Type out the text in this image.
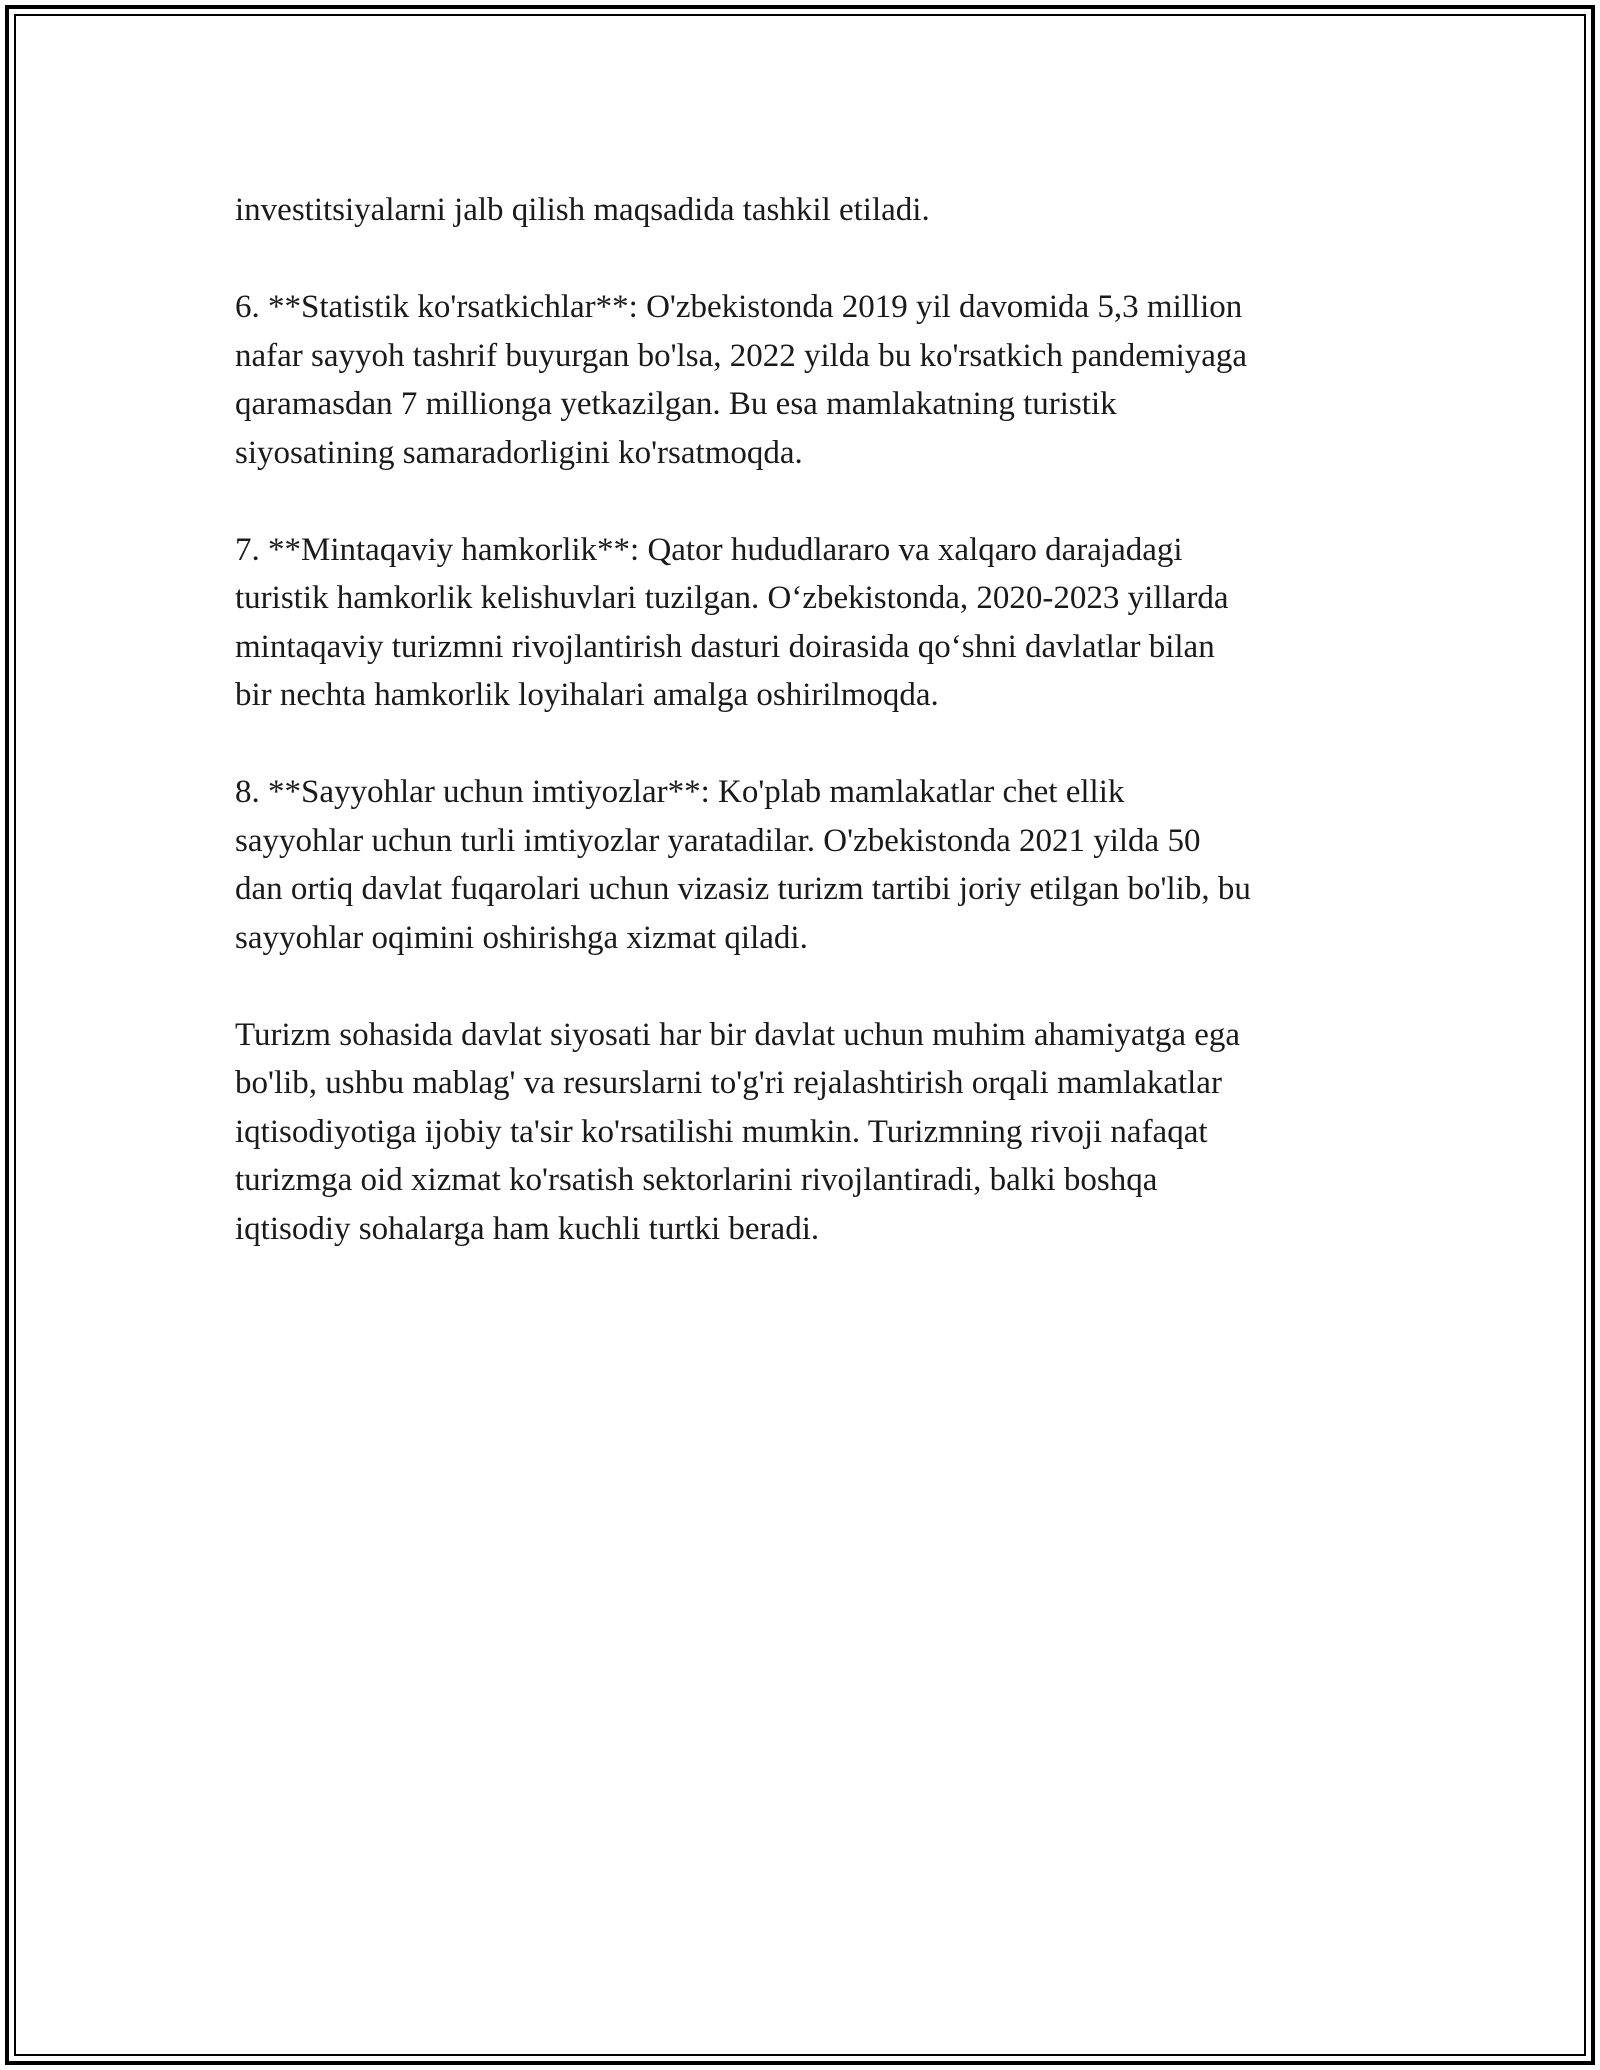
investitsiyalarni jalb qilish maqsadida tashkil etiladi.

6. **Statistik ko'rsatkichlar**: O'zbekistonda 2019 yil davomida 5,3 million
nafar sayyoh tashrif buyurgan bo'lsa, 2022 yilda bu ko'rsatkich pandemiyaga
qaramasdan 7 millionga yetkazilgan. Bu esa mamlakatning turistik
siyosatining samaradorligini ko'rsatmoqda.

7. **Mintaqaviy hamkorlik**: Qator hududlararo va xalqaro darajadagi
turistik hamkorlik kelishuvlari tuzilgan. O‘zbekistonda, 2020-2023 yillarda
mintaqaviy turizmni rivojlantirish dasturi doirasida qo‘shni davlatlar bilan
bir nechta hamkorlik loyihalari amalga oshirilmoqda.

8. **Sayyohlar uchun imtiyozlar**: Ko'plab mamlakatlar chet ellik
sayyohlar uchun turli imtiyozlar yaratadilar. O'zbekistonda 2021 yilda 50
dan ortiq davlat fuqarolari uchun vizasiz turizm tartibi joriy etilgan bo'lib, bu
sayyohlar oqimini oshirishga xizmat qiladi.

Turizm sohasida davlat siyosati har bir davlat uchun muhim ahamiyatga ega
bo'lib, ushbu mablag' va resurslarni to'g'ri rejalashtirish orqali mamlakatlar
iqtisodiyotiga ijobiy ta'sir ko'rsatilishi mumkin. Turizmning rivoji nafaqat
turizmga oid xizmat ko'rsatish sektorlarini rivojlantiradi, balki boshqa
iqtisodiy sohalarga ham kuchli turtki beradi.
